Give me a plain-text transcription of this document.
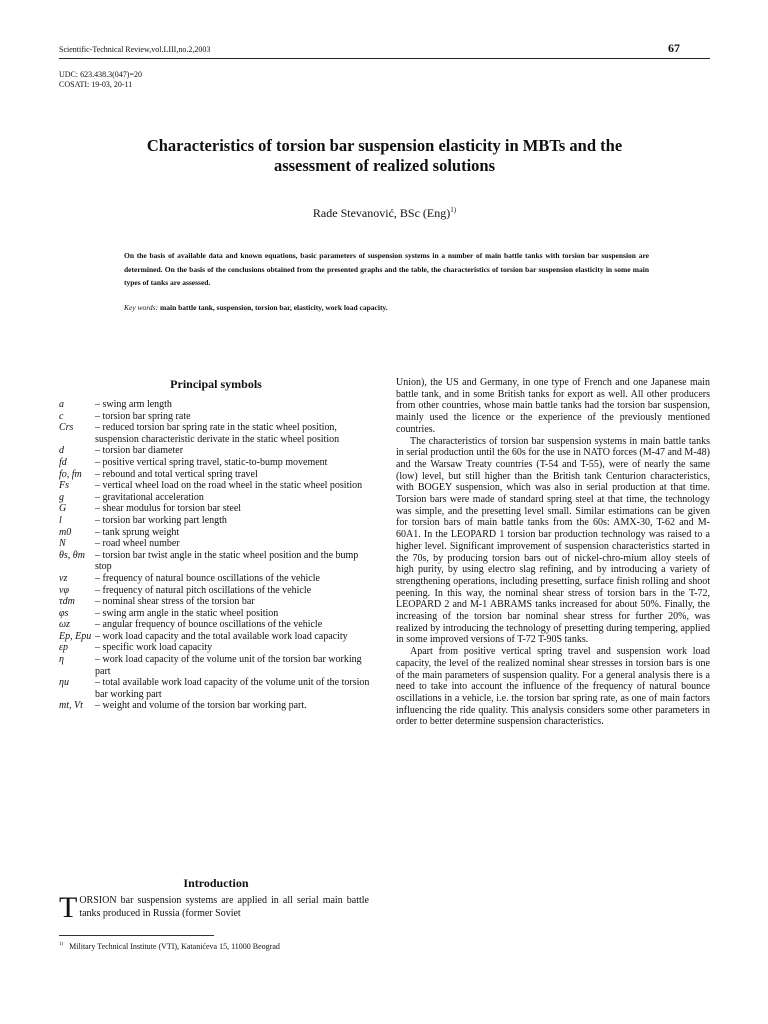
Scientific-Technical Review,vol.LIII,no.2,2003	67
UDC: 623.438.3(047)=20
COSATI: 19-03, 20-11
Characteristics of torsion bar suspension elasticity in MBTs and the
assessment of realized solutions
Rade Stevanović, BSc (Eng)$^{1)}$
On the basis of available data and known equations, basic parameters of suspension systems in a number of main battle tanks with torsion bar suspension are determined. On the basis of the conclusions obtained from the presented graphs and the table, the characteristics of torsion bar suspension elasticity in some main types of tanks are assessed.
Key words: main battle tank, suspension, torsion bar, elasticity, work load capacity.
Principal symbols
a	– swing arm length
c	– torsion bar spring rate
Crs	– reduced torsion bar spring rate in the static wheel position, suspension characteristic derivate in the static wheel position
d	– torsion bar diameter
fd	– positive vertical spring travel, static-to-bump movement
fo, fm	– rebound and total vertical spring travel
Fs	– vertical wheel load on the road wheel in the static wheel position
g	– gravitational acceleration
G	– shear modulus for torsion bar steel
l	– torsion bar working part length
m0	– tank sprung weight
N	– road wheel number
θs, θm	– torsion bar twist angle in the static wheel position and the bump stop
νz	– frequency of natural bounce oscillations of the vehicle
νφ	– frequency of natural pitch oscillations of the vehicle
τdm	– nominal shear stress of the torsion bar
φs	– swing arm angle in the static wheel position
ωz	– angular frequency of bounce oscillations of the vehicle
Ep, Epu – work load capacity and the total available work load capacity
εp	– specific work load capacity
η	– work load capacity of the volume unit of the torsion bar working part
ηu	– total available work load capacity of the volume unit of the torsion bar working part
mt, Vt	– weight and volume of the torsion bar working part.
Introduction
TORSION bar suspension systems are applied in all serial main battle tanks produced in Russia (former Soviet
$^{1)}$ Military Technical Institute (VTI), Katanićeva 15, 11000 Beograd

Union), the US and Germany, in one type of French and one Japanese main battle tank, and in some British tanks for export as well. All other producers from other countries, whose main battle tanks had the torsion bar suspension, mainly used the licence or the experience of the previously mentioned countries.

The characteristics of torsion bar suspension systems in main battle tanks in serial production until the 60s for the use in NATO forces (M-47 and M-48) and the Warsaw Treaty countries (T-54 and T-55), were of nearly the same (low) level, but still higher than the British tank Centurion characteristics, with BOGEY suspension, which was also in serial production at that time. Torsion bars were made of standard spring steel at that time, the technology was simple, and the presetting level small. Similar estimations can be given for torsion bars of main battle tanks from the 60s: AMX-30, T-62 and M-60A1. In the LEOPARD 1 torsion bar production technology was raised to a higher level. Significant improvement of suspension characteristics started in the 70s, by producing torsion bars out of nickel-chro-mium alloy steels of high purity, by using electro slag refining, and by introducing a variety of strengthening operations, including presetting, surface finish rolling and shoot peening. In this way, the nominal shear stress of torsion bars in the T-72, LEOPARD 2 and M-1 ABRAMS tanks increased for about 50%. Finally, the increasing of the torsion bar nominal shear stress for further 20%, was realized by introducing the technology of presetting during tempering, applied in some improved versions of T-72 T-90S tanks.

Apart from positive vertical spring travel and suspension work load capacity, the level of the realized nominal shear stresses in torsion bars is one of the main parameters of suspension quality. For a general analysis there is a need to take into account the influence of the frequency of natural bounce oscillations in a vehicle, i.e. the torsion bar spring rate, as one of main factors influencing the ride quality. This analysis considers some other parameters in order to better determine suspension characteristics.
